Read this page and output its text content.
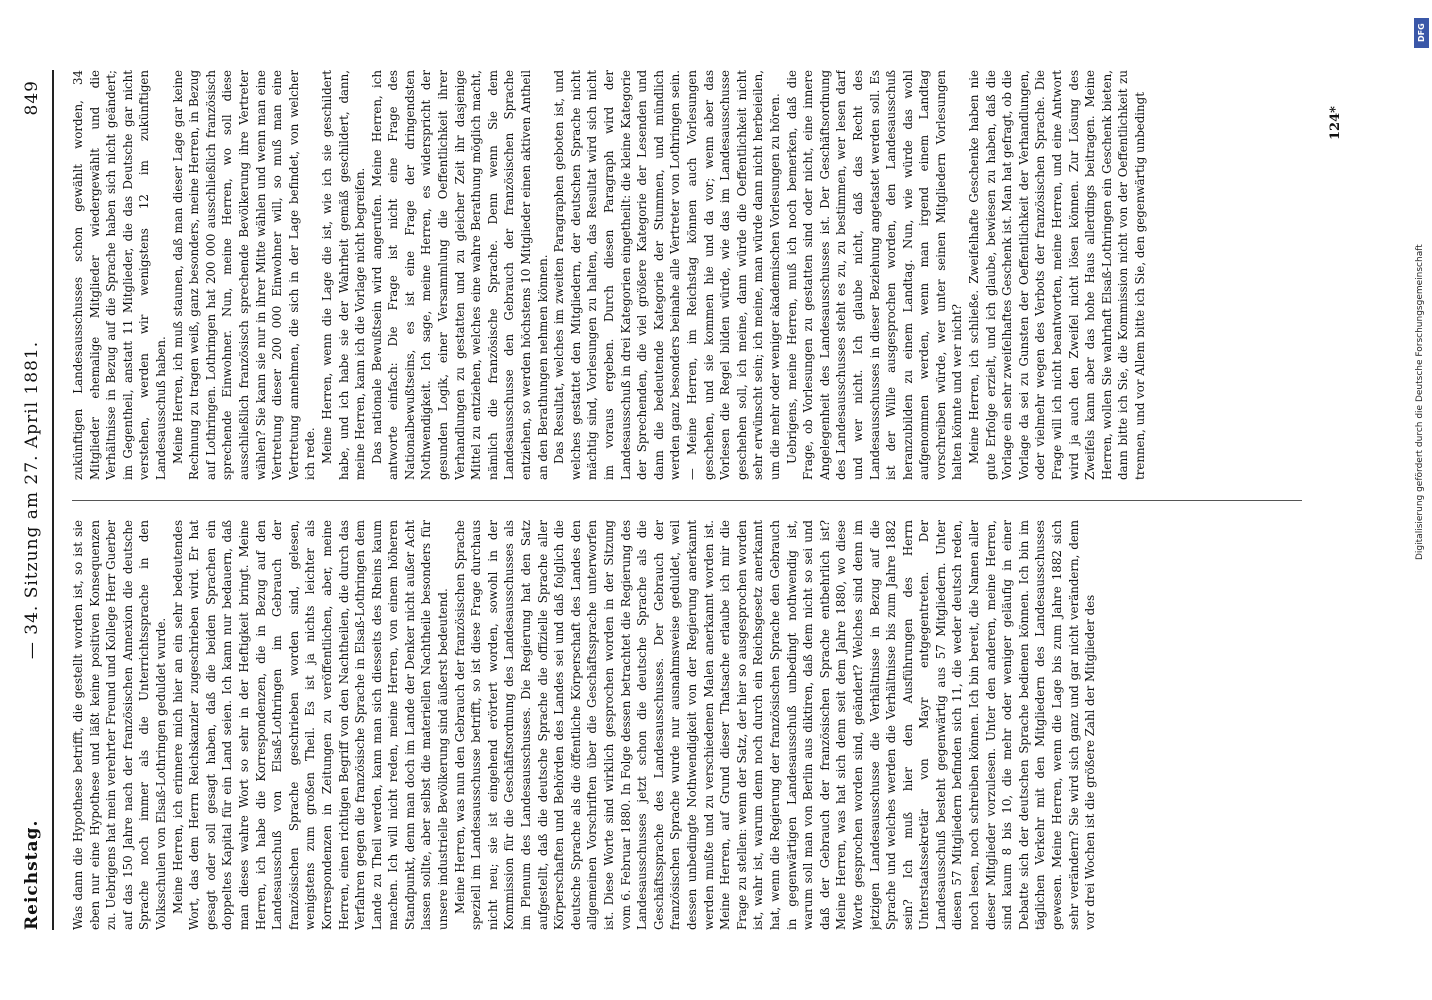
Reichstag.
— 34. Sitzung am 27. April 1881.
849

Was dann die Hypothese betrifft, die gestellt worden ist, so ist sie eben nur eine Hypothese und läßt keine positiven Konsequenzen zu. Uebrigens hat mein verehrter Freund und Kollege Herr Guerber auf das 150 Jahre nach der französischen Annexion die deutsche Sprache noch immer als die Unterrichtssprache in den Volksschulen von Elsaß-Lothringen geduldet wurde. Meine Herren, ich erinnere mich hier an ein sehr bedeutendes Wort, das dem Herrn Reichskanzler zugeschrieben wird. Er hat gesagt oder soll gesagt haben, daß die beiden Sprachen ein doppeltes Kapital für ein Land seien. Ich kann nur bedauern, daß man dieses wahre Wort so sehr in der Heftigkeit bringt. Meine Herren, ich habe die Korrespondenzen, die in Bezug auf den Landesausschuß von Elsaß-Lothringen im Gebrauch der französischen Sprache geschrieben worden sind, gelesen, wenigstens zum großen Theil. Es ist ja nichts leichter als Korrespondenzen in Zeitungen zu veröffentlichen, aber, meine Herren, einen richtigen Begriff von den Nachtheilen, die durch das Verfahren gegen die französische Sprache in Elsaß-Lothringen dem Lande zu Theil werden, kann man sich diesseits des Rheins kaum machen. Ich will nicht reden, meine Herren, von einem höheren Standpunkt, denn man doch im Lande der Denker nicht außer Acht lassen sollte, aber selbst die materiellen Nachtheile besonders für unsere industrielle Bevölkerung sind äußerst bedeutend. Meine Herren, was nun den Gebrauch der französischen Sprache speziell im Landesausschusse betrifft, so ist diese Frage durchaus nicht neu; sie ist eingehend erörtert worden, sowohl in der Kommission für die Geschäftsordnung des Landesausschusses als im Plenum des Landesausschusses. Die Regierung hat den Satz aufgestellt, daß die deutsche Sprache die offizielle Sprache aller Körperschaften und Behörden des Landes sei und daß folglich die deutsche Sprache als die öffentliche Körperschaft des Landes den allgemeinen Vorschriften über die Geschäftssprache unterworfen ist. Diese Worte sind wirklich gesprochen worden in der Sitzung vom 6. Februar 1880. In Folge dessen betrachtet die Regierung des Landesausschusses jetzt schon die deutsche Sprache als die Geschäftssprache des Landesausschusses. Der Gebrauch der französischen Sprache wurde nur ausnahmsweise geduldet, weil dessen unbedingte Nothwendigkeit von der Regierung anerkannt werden mußte und zu verschiedenen Malen anerkannt worden ist. Meine Herren, auf Grund dieser Thatsache erlaube ich mir die Frage zu stellen: wenn der Satz, der hier so ausgesprochen worden ist, wahr ist, warum denn noch durch ein Reichsgesetz anerkannt hat, wenn die Regierung der französischen Sprache den Gebrauch in gegenwärtigen Landesausschuß unbedingt nothwendig ist, warum soll man von Berlin aus diktiren, daß dem nicht so sei und daß der Gebrauch der französischen Sprache entbehrlich ist? Meine Herren, was hat sich denn seit dem Jahre 1880, wo diese Worte gesprochen worden sind, geändert? Welches sind denn im jetzigen Landesausschusse die Verhältnisse in Bezug auf die Sprache und welches werden die Verhältnisse bis zum Jahre 1882 sein? Ich muß hier den Ausführungen des Herrn Unterstaatssekretär von Mayr entgegentreten. Der Landesausschuß besteht gegenwärtig aus 57 Mitgliedern. Unter diesen 57 Mitgliedern befinden sich 11, die weder deutsch reden, noch lesen, noch schreiben können. Ich bin bereit, die Namen aller dieser Mitglieder vorzulesen. Unter den anderen, meine Herren, sind kaum 8 bis 10, die mehr oder weniger geläufig in einer Debatte sich der deutschen Sprache bedienen können. Ich bin im täglichen Verkehr mit den Mitgliedern des Landesausschusses gewesen. Meine Herren, wenn die Lage bis zum Jahre 1882 sich sehr verändern? Sie wird sich ganz und gar nicht verändern, denn vor drei Wochen ist die größere Zahl der Mitglieder des

zukünftigen Landesausschusses schon gewählt worden, 34 Mitglieder ehemalige Mitglieder wiedergewählt und die Verhältnisse in Bezug auf die Sprache haben sich nicht geändert; im Gegentheil, anstatt 11 Mitglieder, die das Deutsche gar nicht verstehen, werden wir wenigstens 12 im zukünftigen Landesausschuß haben. Meine Herren, ich muß staunen, daß man dieser Lage gar keine Rechnung zu tragen weiß, ganz besonders, meine Herren, in Bezug auf Lothringen. Lothringen hat 200 000 ausschließlich französisch sprechende Einwohner. Nun, meine Herren, wo soll diese ausschließlich französisch sprechende Bevölkerung ihre Vertreter wählen? Sie kann sie nur in ihrer Mitte wählen und wenn man eine Vertretung dieser 200 000 Einwohner will, so muß man eine Vertretung annehmen, die sich in der Lage befindet, von welcher ich rede. Meine Herren, wenn die Lage die ist, wie ich sie geschildert habe, und ich habe sie der Wahrheit gemäß geschildert, dann, meine Herren, kann ich die Vorlage nicht begreifen. Das nationale Bewußtsein wird angerufen. Meine Herren, ich antworte einfach: Die Frage ist nicht eine Frage des Nationalbewußtseins, es ist eine Frage der dringendsten Nothwendigkeit. Ich sage, meine Herren, es widerspricht der gesunden Logik, einer Versammlung die Oeffentlichkeit ihrer Verhandlungen zu gestatten und zu gleicher Zeit ihr dasjenige Mittel zu entziehen, welches eine wahre Berathung möglich macht, nämlich die französische Sprache. Denn wenn Sie dem Landesausschusse den Gebrauch der französischen Sprache entziehen, so werden höchstens 10 Mitglieder einen aktiven Antheil an den Berathungen nehmen können. Das Resultat, welches im zweiten Paragraphen geboten ist, und welches gestattet den Mitgliedern, der deutschen Sprache nicht mächtig sind, Vorlesungen zu halten, das Resultat wird sich nicht im voraus ergeben. Durch diesen Paragraph wird der Landesausschuß in drei Kategorien eingetheilt: die kleine Kategorie der Sprechenden, die viel größere Kategorie der Lesenden und dann die bedeutende Kategorie der Stummen, und mündlich werden ganz besonders beinahe alle Vertreter von Lothringen sein. — Meine Herren, im Reichstag können auch Vorlesungen geschehen, und sie kommen hie und da vor; wenn aber das Vorlesen die Regel bilden würde, wie das im Landesausschusse geschehen soll, ich meine, dann würde die Oeffentlichkeit nicht sehr erwünscht sein; ich meine, man würde dann nicht herbeieilen, um die mehr oder weniger akademischen Vorlesungen zu hören. Uebrigens, meine Herren, muß ich noch bemerken, daß die Frage, ob Vorlesungen zu gestatten sind oder nicht, eine innere Angelegenheit des Landesausschusses ist. Der Geschäftsordnung des Landesausschusses steht es zu, zu bestimmen, wer lesen darf und wer nicht. Ich glaube nicht, daß das Recht des Landesausschusses in dieser Beziehung angetastet werden soll. Es ist der Wille ausgesprochen worden, den Landesausschuß heranzubilden zu einem Landtag. Nun, wie würde das wohl aufgenommen werden, wenn man irgend einem Landtag vorschreiben würde, wer unter seinen Mitgliedern Vorlesungen halten könnte und wer nicht? Meine Herren, ich schließe. Zweifelhafte Geschenke haben nie gute Erfolge erzielt, und ich glaube, bewiesen zu haben, daß die Vorlage ein sehr zweifelhaftes Geschenk ist. Man hat gefragt, ob die Vorlage da sei zu Gunsten der Oeffentlichkeit der Verhandlungen, oder vielmehr wegen des Verbots der französischen Sprache. Die Frage will ich nicht beantworten, meine Herren, und eine Antwort wird ja auch den Zweifel nicht lösen können. Zur Lösung des Zweifels kann aber das hohe Haus allerdings beitragen. Meine Herren, wollen Sie wahrhaft Elsaß-Lothringen ein Geschenk bieten, dann bitte ich Sie, die Kommission nicht von der Oeffentlichkeit zu trennen, und vor Allem bitte ich Sie, den gegenwärtig unbedingt	124*
DFG
Digitalisierung gefördert durch die Deutsche Forschungsgemeinschaft
